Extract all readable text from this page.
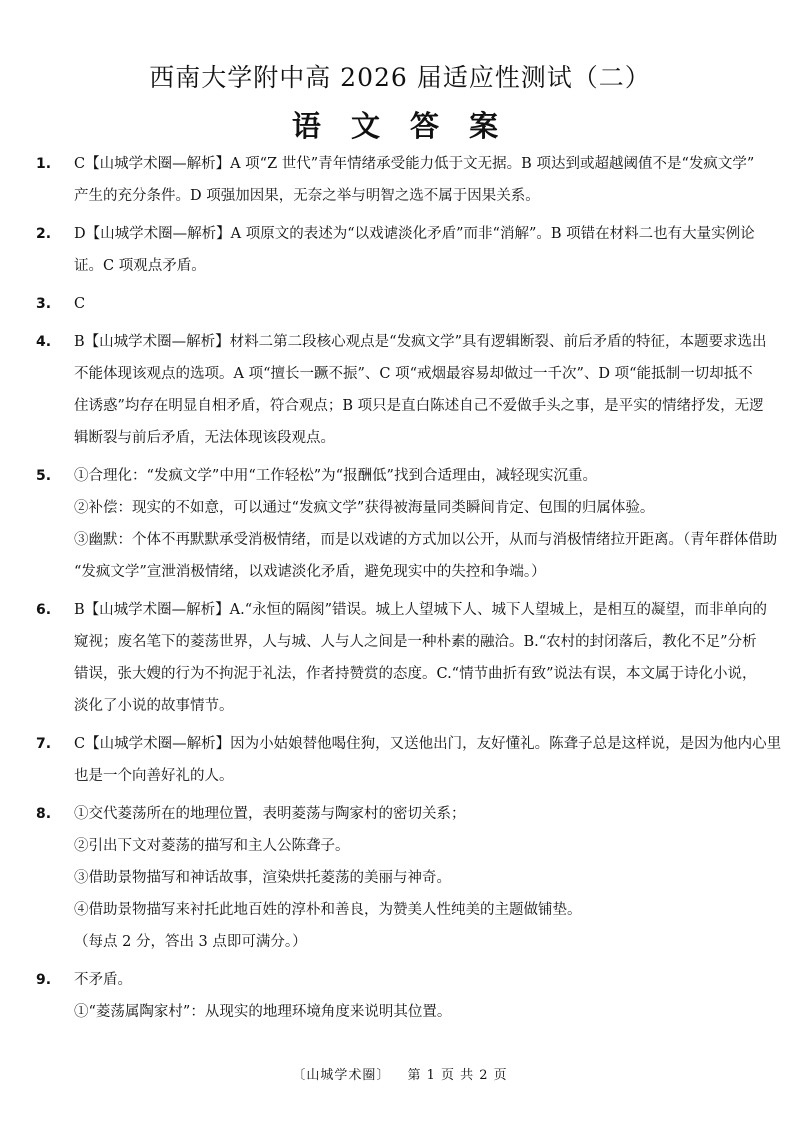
西南大学附中高 2026 届适应性测试（二）
语 文 答 案
1. C【山城学术圈—解析】A 项“Z 世代”青年情绪承受能力低于文无据。B 项达到或超越阈值不是“发疯文学”
产生的充分条件。D 项强加因果，无奈之举与明智之选不属于因果关系。
2. D【山城学术圈—解析】A 项原文的表述为“以戏谑淡化矛盾”而非“消解”。B 项错在材料二也有大量实例论
证。C 项观点矛盾。
3. C
4. B【山城学术圈—解析】材料二第二段核心观点是“发疯文学”具有逻辑断裂、前后矛盾的特征，本题要求选出
不能体现该观点的选项。A 项“擅长一蹶不振”、C 项“戒烟最容易却做过一千次”、D 项“能抵制一切却抵不
住诱惑”均存在明显自相矛盾，符合观点；B 项只是直白陈述自己不爱做手头之事，是平实的情绪抒发，无逻
辑断裂与前后矛盾，无法体现该段观点。
5. ①合理化：“发疯文学”中用“工作轻松”为“报酬低”找到合适理由，减轻现实沉重。
②补偿：现实的不如意，可以通过“发疯文学”获得被海量同类瞬间肯定、包围的归属体验。
③幽默：个体不再默默承受消极情绪，而是以戏谑的方式加以公开，从而与消极情绪拉开距离。（青年群体借助
“发疯文学”宣泄消极情绪，以戏谑淡化矛盾，避免现实中的失控和争端。）
6. B【山城学术圈—解析】A.“永恒的隔阂”错误。城上人望城下人、城下人望城上，是相互的凝望，而非单向的
窥视；废名笔下的菱荡世界，人与城、人与人之间是一种朴素的融洽。B.“农村的封闭落后，教化不足”分析
错误，张大嫂的行为不拘泥于礼法，作者持赞赏的态度。C.“情节曲折有致”说法有误，本文属于诗化小说，
淡化了小说的故事情节。
7. C【山城学术圈—解析】因为小姑娘替他喝住狗，又送他出门，友好懂礼。陈聋子总是这样说，是因为他内心里
也是一个向善好礼的人。
8. ①交代菱荡所在的地理位置，表明菱荡与陶家村的密切关系；
②引出下文对菱荡的描写和主人公陈聋子。
③借助景物描写和神话故事，渲染烘托菱荡的美丽与神奇。
④借助景物描写来衬托此地百姓的淳朴和善良，为赞美人性纯美的主题做铺垫。
（每点 2 分，答出 3 点即可满分。）
9. 不矛盾。
①“菱荡属陶家村”：从现实的地理环境角度来说明其位置。
〔山城学术圈〕 第 1 页 共 2 页
